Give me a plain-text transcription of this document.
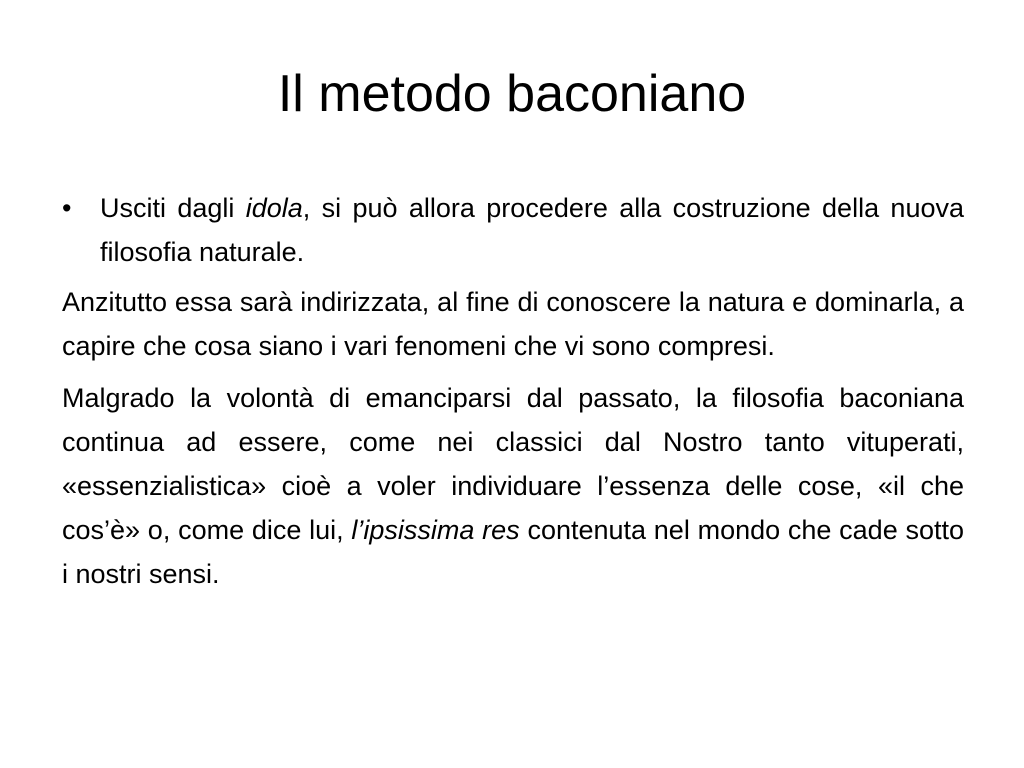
Il metodo baconiano
• Usciti dagli idola, si può allora procedere alla costruzione della nuova filosofia naturale.
Anzitutto essa sarà indirizzata, al fine di conoscere la natura e dominarla, a capire che cosa siano i vari fenomeni che vi sono compresi.
Malgrado la volontà di emanciparsi dal passato, la filosofia baconiana continua ad essere, come nei classici dal Nostro tanto vituperati, «essenzialistica» cioè a voler individuare l’essenza delle cose, «il che cos’è» o, come dice lui, l’ipsissima res contenuta nel mondo che cade sotto i nostri sensi.
